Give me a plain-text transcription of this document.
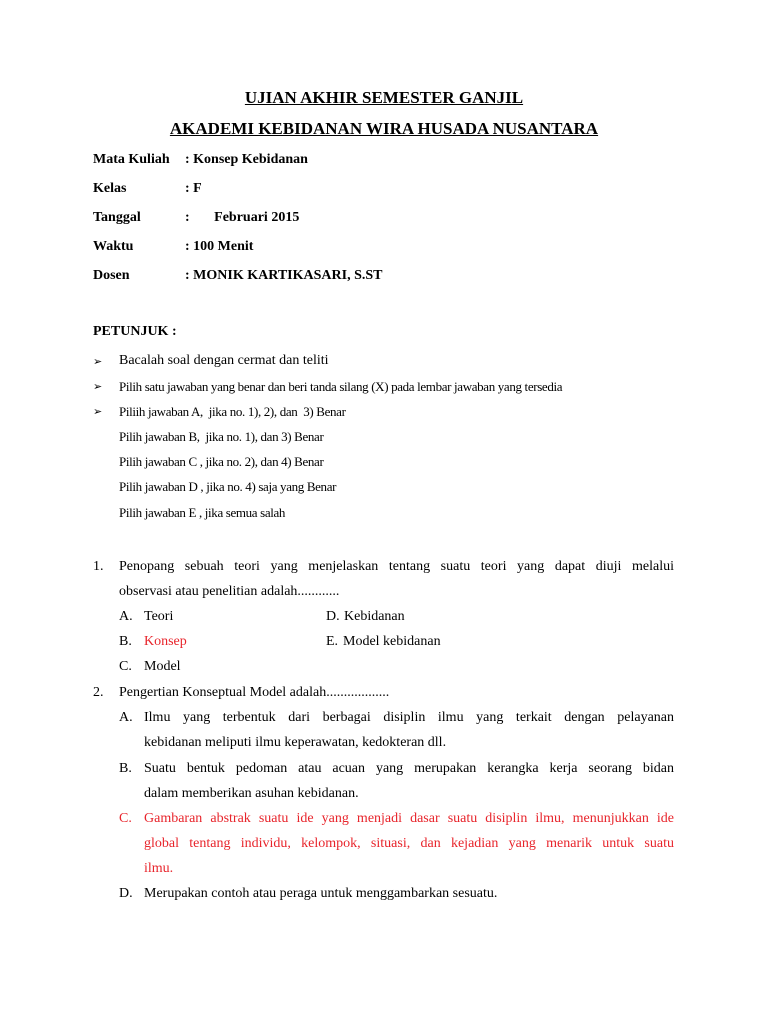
UJIAN AKHIR SEMESTER GANJIL
AKADEMI KEBIDANAN WIRA HUSADA NUSANTARA
Mata Kuliah : Konsep Kebidanan
Kelas	: F
Tanggal	:       Februari 2015
Waktu	: 100 Menit
Dosen	: MONIK KARTIKASARI, S.ST
PETUNJUK :
➢ Bacalah soal dengan cermat dan teliti
➢ Pilih satu jawaban yang benar dan beri tanda silang (X) pada lembar jawaban yang tersedia
➢ Piliih jawaban A,  jika no. 1), 2), dan  3) Benar
Pilih jawaban B,  jika no. 1), dan 3) Benar
Pilih jawaban C , jika no. 2), dan 4) Benar
Pilih jawaban D , jika no. 4) saja yang Benar
Pilih jawaban E , jika semua salah
1. Penopang sebuah teori yang menjelaskan tentang suatu teori yang dapat diuji melalui
observasi atau penelitian adalah............
A. Teori
B. Konsep
C. Model
D. Kebidanan
E. Model kebidanan
2. Pengertian Konseptual Model adalah..................
A. Ilmu yang terbentuk dari berbagai disiplin ilmu yang terkait dengan pelayanan
kebidanan meliputi ilmu keperawatan, kedokteran dll.
B. Suatu bentuk pedoman atau acuan yang merupakan kerangka kerja seorang bidan
dalam memberikan asuhan kebidanan.
C. Gambaran abstrak suatu ide yang menjadi dasar suatu disiplin ilmu, menunjukkan ide
global tentang individu, kelompok, situasi, dan kejadian yang menarik untuk suatu
ilmu.
D. Merupakan contoh atau peraga untuk menggambarkan sesuatu.
